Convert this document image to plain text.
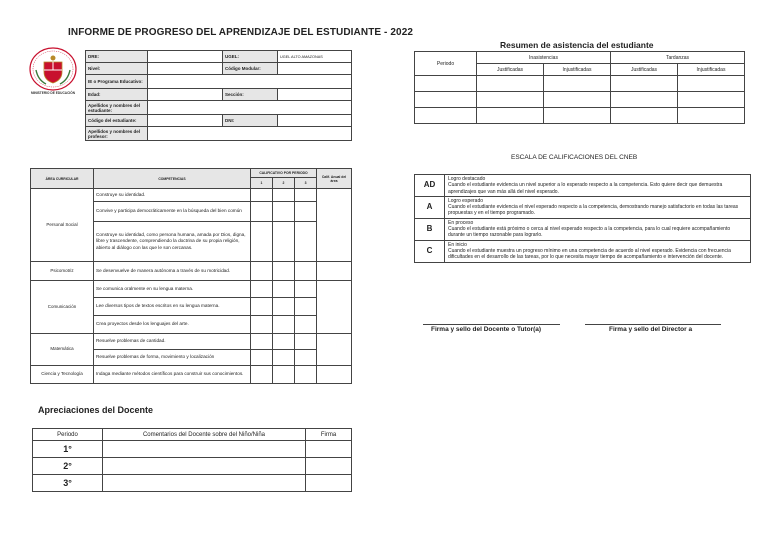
INFORME DE PROGRESO DEL APRENDIZAJE DEL ESTUDIANTE - 2022
MINISTERIO DE EDUCACIÓN
DRE:		UGEL:	UGEL ALTO AMAZONAS
Nivel:		Código Modular:	
IE o Programa Educativo:			
Edad:		Sección:	
Apellidos y nombres del estudiante:			
Código del estudiante:		DNI:	
Apellidos y nombres del profesor:			
ÁREA CURRICULAR	COMPETENCIAS	CALIFICATIVO POR PERIODO			Calif. Anual del área
		1	2	3	
Personal Social	Construye su identidad.				
	Convive y participa democráticamente en la búsqueda del bien común				
	Construye su identidad, como persona humana, amada por Dios, digna, libre y trascendente, comprendiendo la doctrina de su propia religión, abierto al diálogo con las que le son cercanas.				
Psicomotriz	Se desenvuelve de manera autónoma a través de su motricidad.				
Comunicación	Se comunica oralmente en su lengua materna.				
	Lee diversos tipos de textos escritos en su lengua materna.				
	Crea proyectos desde los lenguajes del arte.				
Matemática	Resuelve problemas de cantidad.				
	Resuelve problemas de forma, movimiento y localización				
Ciencia y Tecnología	Indaga mediante métodos científicos para construir sus conocimientos.				
Apreciaciones del Docente
Periodo	Comentarios del Docente sobre del Niño/Niña	Firma
1°		
2°		
3°		
Resumen de asistencia del estudiante
Periodo	Inasistencias		Tardanzas	
	Justificadas	Injustificadas	Justificadas	Injustificadas

ESCALA DE CALIFICACIONES DEL CNEB
AD	Logro destacado
Cuando el estudiante evidencia un nivel superior a lo esperado respecto a la competencia. Esto quiere decir que demuestra aprendizajes que van más allá del nivel esperado.

A	Logro esperado
Cuando el estudiante evidencia el nivel esperado respecto a la competencia, demostrando manejo satisfactorio en todas las tareas propuestas y en el tiempo programado.

B	En proceso
Cuando el estudiante está próximo o cerca al nivel esperado respecto a la competencia, para lo cual requiere acompañamiento durante un tiempo razonable para lograrlo.

C	En inicio
Cuando el estudiante muestra un progreso mínimo en una competencia de acuerdo al nivel esperado. Evidencia con frecuencia dificultades en el desarrollo de las tareas, por lo que necesita mayor tiempo de acompañamiento e intervención del docente.
Firma y sello del Docente o Tutor(a)	Firma y sello del Director a
